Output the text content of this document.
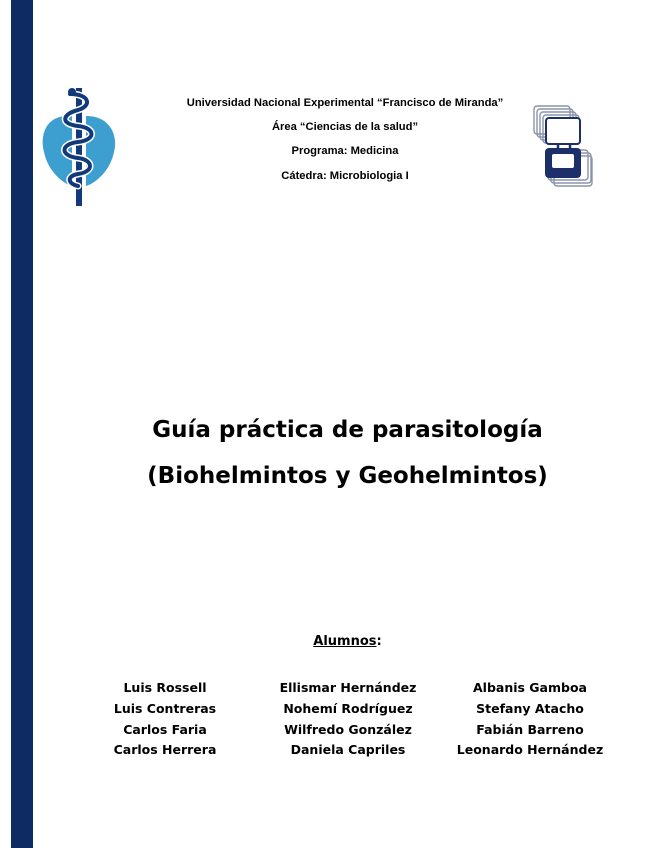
Universidad Nacional Experimental “Francisco de Miranda”
Área “Ciencias de la salud”
Programa: Medicina
Cátedra: Microbiologia I
Guía práctica de parasitología
(Biohelmintos y Geohelmintos)
Alumnos:
Luis Rossell
Luis Contreras
Carlos Faria
Carlos Herrera
Ellismar Hernández
Nohemí Rodríguez
Wilfredo González
Daniela Capriles
Albanis Gamboa
Stefany Atacho
Fabián Barreno
Leonardo Hernández
